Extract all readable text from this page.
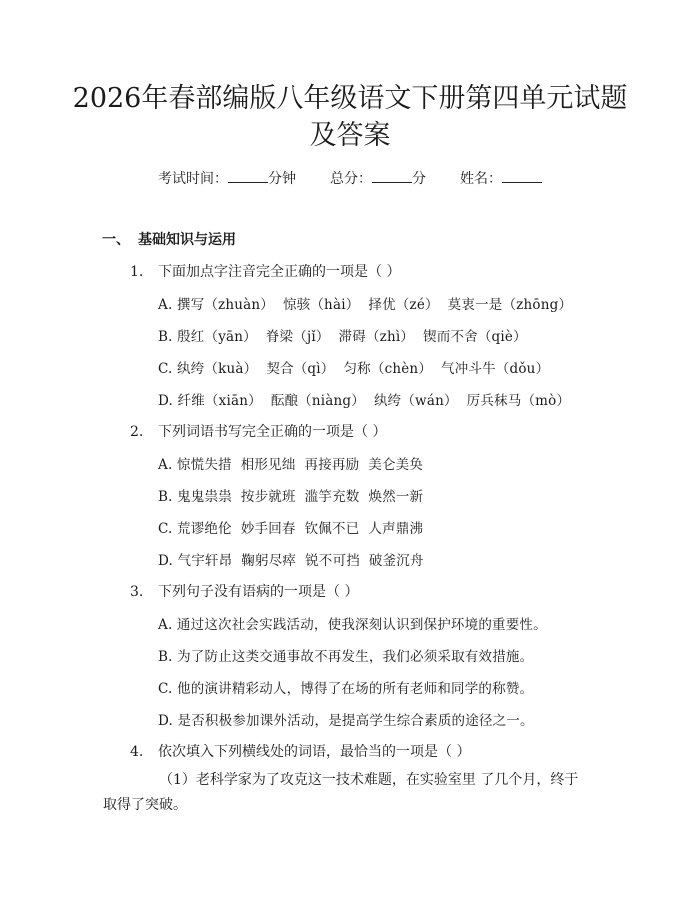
2026年春部编版八年级语文下册第四单元试题及答案
考试时间：	分钟 总分：	分 姓名：
一、 基础知识与运用
1. 下面加点字注音完全正确的一项是（ ）
A. 撰写（zhuàn）  惊骇（hài）  择优（zé）  莫衷一是（zhōng）
B. 殷红（yān）  脊梁（jǐ）  滞碍（zhì）  锲而不舍（qiè）
C. 纨绔（kuà）  契合（qì）  匀称（chèn）  气冲斗牛（dǒu）
D. 纤维（xiān）  酝酿（niàng）  纨绔（wán）  厉兵秣马（mò）
2. 下列词语书写完全正确的一项是（ ）
A. 惊慌失措  相形见绌  再接再励  美仑美奂
B. 鬼鬼祟祟  按步就班  滥竽充数  焕然一新
C. 荒谬绝伦  妙手回春  钦佩不已  人声鼎沸
D. 气宇轩昂  鞠躬尽瘁  锐不可挡  破釜沉舟
3. 下列句子没有语病的一项是（ ）
A. 通过这次社会实践活动，使我深刻认识到保护环境的重要性。
B. 为了防止这类交通事故不再发生，我们必须采取有效措施。
C. 他的演讲精彩动人，博得了在场的所有老师和同学的称赞。
D. 是否积极参加课外活动，是提高学生综合素质的途径之一。
4. 依次填入下列横线处的词语，最恰当的一项是（ ）
（1）老科学家为了攻克这一技术难题，在实验室里 了几个月，终于取得了突破。
